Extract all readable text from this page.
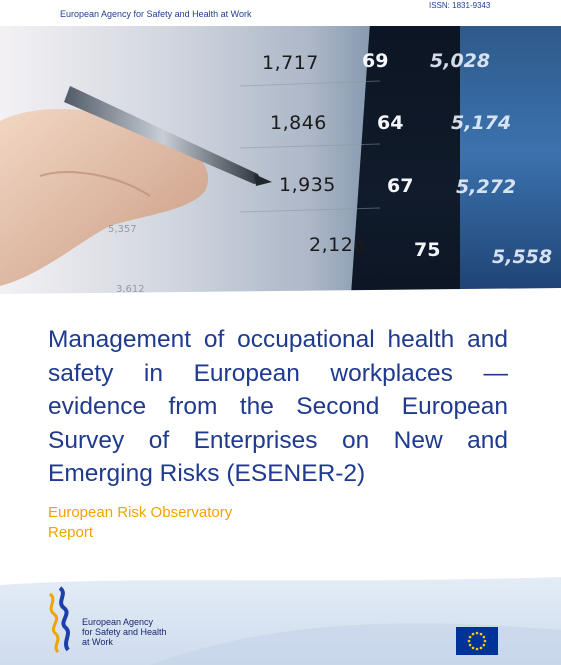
European Agency for Safety and Health at Work
ISSN: 1831-9343
1,717
1,846
1,935
2,126
69
64
67
75
5,028
5,174
5,272
5,558
5,357
3,612
Management of occupational health and safety in European workplaces — evidence from the Second European Survey of Enterprises on New and Emerging Risks (ESENER-2)
European Risk Observatory
Report
European Agency
for Safety and Health
at Work
